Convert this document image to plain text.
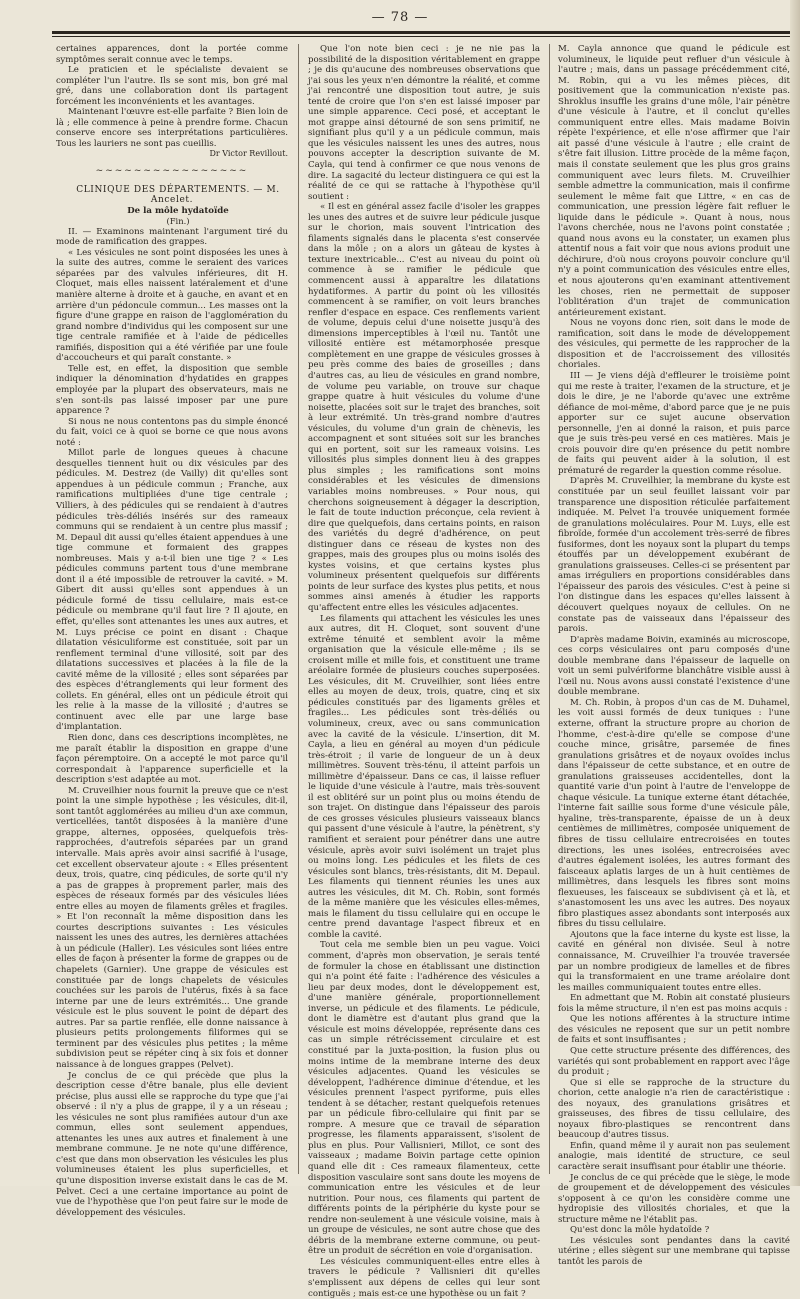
— 78 —

certaines apparences, dont la portée comme symptômes serait connue avec le temps.

Le praticien et le spécialiste devaient se compléter l'un l'autre. Ils se sont mis, bon gré mal gré, dans une collaboration dont ils partagent forcément les inconvénients et les avantages.

Maintenant l'œuvre est-elle parfaite ? Bien loin de là ; elle commence à peine à prendre forme. Chacun conserve encore ses interprétations particulières. Tous les lauriers ne sont pas cueillis.

Dr Victor Revillout.

~~~~~~~~~~~~~~~~

CLINIQUE DES DÉPARTEMENTS. — M. Ancelet.

De la môle hydatoïde

(Fin.)

II. — Examinons maintenant l'argument tiré du mode de ramification des grappes.

« Les vésicules ne sont point disposées les unes à la suite des autres, comme le seraient des varices séparées par des valvules inférieures, dit H. Cloquet, mais elles naissent latéralement et d'une manière alterne à droite et à gauche, en avant et en arrière d'un pédoncule commun... Les masses ont la figure d'une grappe en raison de l'agglomération du grand nombre d'individus qui les composent sur une tige centrale ramifiée et à l'aide de pédicelles ramifiés, disposition qui a été vérifiée par une foule d'accoucheurs et qui paraît constante. »

Telle est, en effet, la disposition que semble indiquer la dénomination d'hydatides en grappes employée par la plupart des observateurs, mais ne s'en sont-ils pas laissé imposer par une pure apparence ?

Si nous ne nous contentons pas du simple énoncé du fait, voici ce à quoi se borne ce que nous avons noté :

Millot parle de longues queues à chacune desquelles tiennent huit ou dix vésicules par des pédicules. M. Destrez (de Vailly) dit qu'elles sont appendues à un pédicule commun ; Franche, aux ramifications multipliées d'une tige centrale ; Villiers, à des pédicules qui se rendaient à d'autres pédicules très-déliés insérés sur des rameaux communs qui se rendaient à un centre plus massif ; M. Depaul dit aussi qu'elles étaient appendues à une tige commune et formaient des grappes nombreuses. Mais y a-t-il bien une tige ? « Les pédicules communs partent tous d'une membrane dont il a été impossible de retrouver la cavité. » M. Gibert dit aussi qu'elles sont appendues à un pédicule formé de tissu cellulaire, mais est-ce pédicule ou membrane qu'il faut lire ? Il ajoute, en effet, qu'elles sont attenantes les unes aux autres, et M. Luys précise ce point en disant : Chaque dilatation vésiculiforme est constituée, soit par un renflement terminal d'une villosité, soit par des dilatations successives et placées à la file de la cavité même de la villosité ; elles sont séparées par des espèces d'étranglements qui leur forment des collets. En général, elles ont un pédicule étroit qui les relie à la masse de la villosité ; d'autres se continuent avec elle par une large base d'implantation.

Rien donc, dans ces descriptions incomplètes, ne me paraît établir la disposition en grappe d'une façon péremptoire. On a accepté le mot parce qu'il correspondait à l'apparence superficielle et la description s'est adaptée au mot.

M. Cruveilhier nous fournit la preuve que ce n'est point la une simple hypothèse ; les vésicules, dit-il, sont tantôt agglomérées au milieu d'un axe commun, verticellées, tantôt disposées à la manière d'une grappe, alternes, opposées, quelquefois très-rapprochées, d'autrefois séparées par un grand intervalle. Mais après avoir ainsi sacrifié à l'usage, cet excellent observateur ajoute : « Elles présentent deux, trois, quatre, cinq pédicules, de sorte qu'il n'y a pas de grappes à proprement parler, mais des espèces de réseaux formés par des vésicules liées entre elles au moyen de filaments grêles et fragiles. » Et l'on reconnaît la même disposition dans les courtes descriptions suivantes : Les vésicules naissent les unes des autres, les dernières attachées à un pédicule (Haller). Les vésicules sont liées entre elles de façon à présenter la forme de grappes ou de chapelets (Garnier). Une grappe de vésicules est constituée par de longs chapelets de vésicules couchées sur les parois de l'utérus, fixés à sa face interne par une de leurs extrémités... Une grande vésicule est le plus souvent le point de départ des autres. Par sa partie renflée, elle donne naissance à plusieurs petits prolongements filiformes qui se terminent par des vésicules plus petites ; la même subdivision peut se répéter cinq à six fois et donner naissance à de longues grappes (Pelvet).

Je conclus de ce qui précède que plus la description cesse d'être banale, plus elle devient précise, plus aussi elle se rapproche du type que j'ai observé : il n'y a plus de grappe, il y a un réseau ; les vésicules ne sont plus ramifiées autour d'un axe commun, elles sont seulement appendues, attenantes les unes aux autres et finalement à une membrane commune. Je ne note qu'une différence, c'est que dans mon observation les vésicules les plus volumineuses étaient les plus superficielles, et qu'une disposition inverse existait dans le cas de M. Pelvet. Ceci a une certaine importance au point de vue de l'hypothèse que l'on peut faire sur le mode de développement des vésicules.

Que l'on note bien ceci : je ne nie pas la possibilité de la disposition véritablement en grappe ; je dis qu'aucune des nombreuses observations que j'ai sous les yeux n'en démontre la réalité, et comme j'ai rencontré une disposition tout autre, je suis tenté de croire que l'on s'en est laissé imposer par une simple apparence. Ceci posé, et acceptant le mot grappe ainsi détourné de son sens primitif, ne signifiant plus qu'il y a un pédicule commun, mais que les vésicules naissent les unes des autres, nous pouvons accepter la description suivante de M. Cayla, qui tend à confirmer ce que nous venons de dire. La sagacité du lecteur distinguera ce qui est la réalité de ce qui se rattache à l'hypothèse qu'il soutient :

« Il est en général assez facile d'isoler les grappes les unes des autres et de suivre leur pédicule jusque sur le chorion, mais souvent l'intrication des filaments signalés dans le placenta s'est conservée dans la môle ; on a alors un gâteau de kystes à texture inextricable... C'est au niveau du point où commence à se ramifier le pédicule que commencent aussi à apparaître les dilatations hydatiformes. A partir du point où les villosités commencent à se ramifier, on voit leurs branches renfler d'espace en espace. Ces renflements varient de volume, depuis celui d'une noisette jusqu'à des dimensions imperceptibles à l'œil nu. Tantôt une villosité entière est métamorphosée presque complètement en une grappe de vésicules grosses à peu près comme des baies de groseilles ; dans d'autres cas, au lieu de vésicules en grand nombre, de volume peu variable, on trouve sur chaque grappe quatre à huit vésicules du volume d'une noisette, placées soit sur le trajet des branches, soit à leur extrémité. Un très-grand nombre d'autres vésicules, du volume d'un grain de chènevis, les accompagnent et sont situées soit sur les branches qui en portent, soit sur les rameaux voisins. Les villosités plus simples donnent lieu à des grappes plus simples ; les ramifications sont moins considérables et les vésicules de dimensions variables moins nombreuses. » Pour nous, qui cherchons soigneusement à dégager la description, le fait de toute induction préconçue, cela revient à dire que quelquefois, dans certains points, en raison des variétés du degré d'adhérence, on peut distinguer dans ce réseau de kystes non des grappes, mais des groupes plus ou moins isolés des kystes voisins, et que certains kystes plus volumineux présentent quelquefois sur différents points de leur surface des kystes plus petits, et nous sommes ainsi amenés à étudier les rapports qu'affectent entre elles les vésicules adjacentes.

Les filaments qui attachent les vésicules les unes aux autres, dit H. Cloquet, sont souvent d'une extrême ténuité et semblent avoir la même organisation que la vésicule elle-même ; ils se croisent mille et mille fois, et constituent une trame aréolaire formée de plusieurs couches superposées. Les vésicules, dit M. Cruveilhier, sont liées entre elles au moyen de deux, trois, quatre, cinq et six pédicules constitués par des ligaments grêles et fragiles... Les pédicules sont très-déliés ou volumineux, creux, avec ou sans communication avec la cavité de la vésicule. L'insertion, dit M. Cayla, a lieu en général au moyen d'un pédicule très-étroit ; il varie de longueur de un à deux millimètres. Souvent très-ténu, il atteint parfois un millimètre d'épaisseur. Dans ce cas, il laisse refluer le liquide d'une vésicule à l'autre, mais très-souvent il est oblitéré sur un point plus ou moins étendu de son trajet. On distingue dans l'épaisseur des parois de ces grosses vésicules plusieurs vaisseaux blancs qui passent d'une vésicule à l'autre, la pénètrent, s'y ramifient et seraient pour pénétrer dans une autre vésicule, après avoir suivi isolément un trajet plus ou moins long. Les pédicules et les filets de ces vésicules sont blancs, très-résistants, dit M. Depaul. Les filaments qui tiennent réunies les unes aux autres les vésicules, dit M. Ch. Robin, sont formés de la même manière que les vésicules elles-mêmes, mais le filament du tissu cellulaire qui en occupe le centre prend davantage l'aspect fibreux et en comble la cavité.

Tout cela me semble bien un peu vague. Voici comment, d'après mon observation, je serais tenté de formuler la chose en établissant une distinction qui n'a point été faite : l'adhérence des vésicules a lieu par deux modes, dont le développement est, d'une manière générale, proportionnellement inverse, un pédicule et des filaments. Le pédicule, dont le diamètre est d'autant plus grand que la vésicule est moins développée, représente dans ces cas un simple rétrécissement circulaire et est constitué par la juxta-position, la fusion plus ou moins intime de la membrane interne des deux vésicules adjacentes. Quand les vésicules se développent, l'adhérence diminue d'étendue, et les vésicules prennent l'aspect pyriforme, puis elles tendent à se détacher, restant quelquefois retenues par un pédicule fibro-cellulaire qui finit par se rompre. A mesure que ce travail de séparation progresse, les filaments apparaissent, s'isolent de plus en plus. Pour Vallisnieri, Millot, ce sont des vaisseaux ; madame Boivin partage cette opinion quand elle dit : Ces rameaux filamenteux, cette disposition vasculaire sont sans doute les moyens de communication entre les vésicules et de leur nutrition. Pour nous, ces filaments qui partent de différents points de la périphérie du kyste pour se rendre non-seulement à une vésicule voisine, mais à un groupe de vésicules, ne sont autre chose que des débris de la membrane externe commune, ou peut-être un produit de sécrétion en voie d'organisation.

Les vésicules communiquent-elles entre elles à travers le pédicule ? Vallisnieri dit qu'elles s'emplissent aux dépens de celles qui leur sont contiguës ; mais est-ce une hypothèse ou un fait ?

M. Cayla annonce que quand le pédicule est volumineux, le liquide peut refluer d'un vésicule à l'autre ; mais, dans un passage précédemment cité, M. Robin, qui a vu les mêmes pièces, dit positivement que la communication n'existe pas. Shroklus insuffle les grains d'une môle, l'air pénètre d'une vésicule à l'autre, et il conclut qu'elles communiquent entre elles. Mais madame Boivin répète l'expérience, et elle n'ose affirmer que l'air ait passé d'une vésicule à l'autre ; elle craint de s'être fait illusion. Littre procède de la même façon, mais il constate seulement que les plus gros grains communiquent avec leurs filets. M. Cruveilhier semble admettre la communication, mais il confirme seulement le même fait que Littre, « en cas de communication, une pression légère fait refluer le liquide dans le pédicule ». Quant à nous, nous l'avons cherchée, nous ne l'avons point constatée ; quand nous avons eu la constater, un examen plus attentif nous a fait voir que nous avions produit une déchirure, d'où nous croyons pouvoir conclure qu'il n'y a point communication des vésicules entre elles, et nous ajouterons qu'en examinant attentivement les choses, rien ne permettait de supposer l'oblitération d'un trajet de communication antérieurement existant.

Nous ne voyons donc rien, soit dans le mode de ramification, soit dans le mode de développement des vésicules, qui permette de les rapprocher de la disposition et de l'accroissement des villosités choriales.

III — Je viens déjà d'effleurer le troisième point qui me reste à traiter, l'examen de la structure, et je dois le dire, je ne l'aborde qu'avec une extrême défiance de moi-même, d'abord parce que je ne puis apporter sur ce sujet aucune observation personnelle, j'en ai donné la raison, et puis parce que je suis très-peu versé en ces matières. Mais je crois pouvoir dire qu'en présence du petit nombre de faits qui peuvent aider à la solution, il est prématuré de regarder la question comme résolue.

D'après M. Cruveilhier, la membrane du kyste est constituée par un seul feuillet laissant voir par transparence une disposition réticulée parfaitement indiquée. M. Pelvet l'a trouvée uniquement formée de granulations moléculaires. Pour M. Luys, elle est fibroïde, formée d'un accolement très-serré de fibres fusiformes, dont les noyaux sont la plupart du temps étouffés par un développement exubérant de granulations graisseuses. Celles-ci se présentent par amas irréguliers en proportions considérables dans l'épaisseur des parois des vésicules. C'est à peine si l'on distingue dans les espaces qu'elles laissent à découvert quelques noyaux de cellules. On ne constate pas de vaisseaux dans l'épaisseur des parois.

D'après madame Boivin, examinés au microscope, ces corps vésiculaires ont paru composés d'une double membrane dans l'épaisseur de laquelle on voit un semi pulvériforme blanchâtre visible aussi à l'œil nu. Nous avons aussi constaté l'existence d'une double membrane.

M. Ch. Robin, à propos d'un cas de M. Duhamel, les voit aussi formés de deux tuniques : l'une externe, offrant la structure propre au chorion de l'homme, c'est-à-dire qu'elle se compose d'une couche mince, grisâtre, parsemée de fines granulations grisâtres et de noyaux ovoïdes inclus dans l'épaisseur de cette substance, et en outre de granulations graisseuses accidentelles, dont la quantité varie d'un point à l'autre de l'enveloppe de chaque vésicule. La tunique externe étant détachée, l'interne fait saillie sous forme d'une vésicule pâle, hyaline, très-transparente, épaisse de un à deux centièmes de millimètres, composée uniquement de fibres de tissu cellulaire entrecroisées en toutes directions, les unes isolées, entrecroisées avec d'autres également isolées, les autres formant des faisceaux aplatis larges de un à huit centièmes de millimètres, dans lesquels les fibres sont moins flexueuses, les faisceaux se subdivisent çà et là, et s'anastomosent les uns avec les autres. Des noyaux fibro plastiques assez abondants sont interposés aux fibres du tissu cellulaire.

Ajoutons que la face interne du kyste est lisse, la cavité en général non divisée. Seul à notre connaissance, M. Cruveilhier l'a trouvée traversée par un nombre prodigieux de lamelles et de fibres qui la transformaient en une trame aréolaire dont les mailles communiquaient toutes entre elles.

En admettant que M. Robin ait constaté plusieurs fois la même structure, il n'en est pas moins acquis :

Que les notions afférentes à la structure intime des vésicules ne reposent que sur un petit nombre de faits et sont insuffisantes ;

Que cette structure présente des différences, des variétés qui sont probablement en rapport avec l'âge du produit ;

Que si elle se rapproche de la structure du chorion, cette analogie n'a rien de caractéristique : des noyaux, des granulations grisâtres et graisseuses, des fibres de tissu cellulaire, des noyaux fibro-plastiques se rencontrent dans beaucoup d'autres tissus.

Enfin, quand même il y aurait non pas seulement analogie, mais identité de structure, ce seul caractère serait insuffisant pour établir une théorie.

Je conclus de ce qui précède que le siège, le mode de groupement et de développement des vésicules s'opposent à ce qu'on les considère comme une hydropisie des villosités choriales, et que la structure même ne l'établit pas.

Qu'est donc la môle hydatoïde ?

Les vésicules sont pendantes dans la cavité utérine ; elles siègent sur une membrane qui tapisse tantôt les parois de
